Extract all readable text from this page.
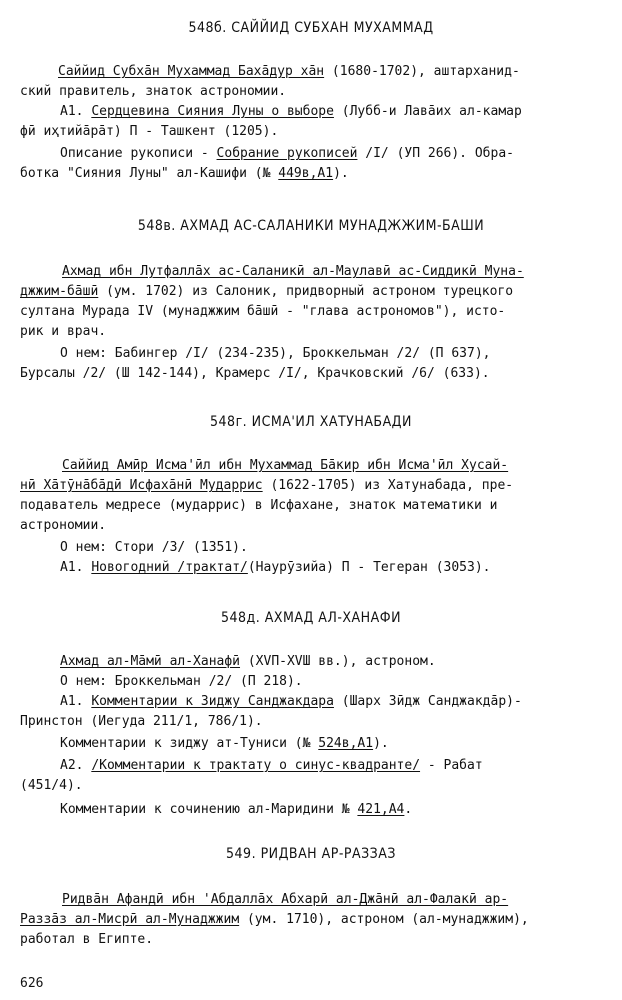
548б. САЙЙИД СУБХАН МУХАММАД
Саййид Субхāн Мухаммад Бахāдур хāн (1680-1702), аштарханид-
ский правитель, знаток астрономии.
А1. Сердцевина Сияния Луны о выборе (Лубб-и Лавāих ал-камар
фӣ иҳтийāрāт) П - Ташкент (1205).
Описание рукописи - Собрание рукописей /I/ (УП 266). Обра-
ботка "Сияния Луны" ал-Кашифи (№ 449в,А1).
548в. АХМАД АС-САЛАНИКИ МУНАДЖЖИМ-БАШИ
Ахмад ибн Лутфаллāх ас-Саланикӣ ал-Маулавӣ ас-Сиддикӣ Муна-
джжим-бāшӣ (ум. 1702) из Салоник, придворный астроном турецкого
султана Мурада IV (мунаджжим бāшӣ - "глава астрономов"), исто-
рик и врач.
О нем: Бабингер /I/ (234-235), Броккельман /2/ (П 637),
Бурсалы /2/ (Ш 142-144), Крамерс /I/, Крачковский /6/ (633).
548г. ИСМА'ИЛ ХАТУНАБАДИ
Саййид Амӣр Исма'ӣл ибн Мухаммад Бāкир ибн Исма'ӣл Хусай-
нӣ Хāтӯнāбāдӣ Исфахāнӣ Мударрис (1622-1705) из Хатунабада, пре-
подаватель медресе (мударрис) в Исфахане, знаток математики и
астрономии.
О нем: Стори /3/ (1351).
А1. Новогодний /трактат/(Наурӯзийа) П - Тегеран (3053).
548д. АХМАД АЛ-ХАНАФИ
Ахмад ал-Мāмӣ ал-Ханафӣ (ХVП-ХVШ вв.), астроном.
О нем: Броккельман /2/ (П 218).
А1. Комментарии к Зиджу Санджакдара (Шарх Зӣдж Санджакдāр)-
Принстон (Иегуда 211/1, 786/1).
Комментарии к зиджу ат-Туниси (№ 524в,А1).
А2. /Комментарии к трактату о синус-квадранте/ - Рабат
(451/4).
Комментарии к сочинению ал-Маридини № 421,А4.
549. РИДВАН АР-РАЗЗАЗ
Ридвāн Афандӣ ибн 'Абдаллāх Абхарӣ ал-Джāнӣ ал-Фалакӣ ар-
Раззāз ал-Мисрӣ ал-Мунаджжим (ум. 1710), астроном (ал-мунаджжим),
работал в Египте.
626
